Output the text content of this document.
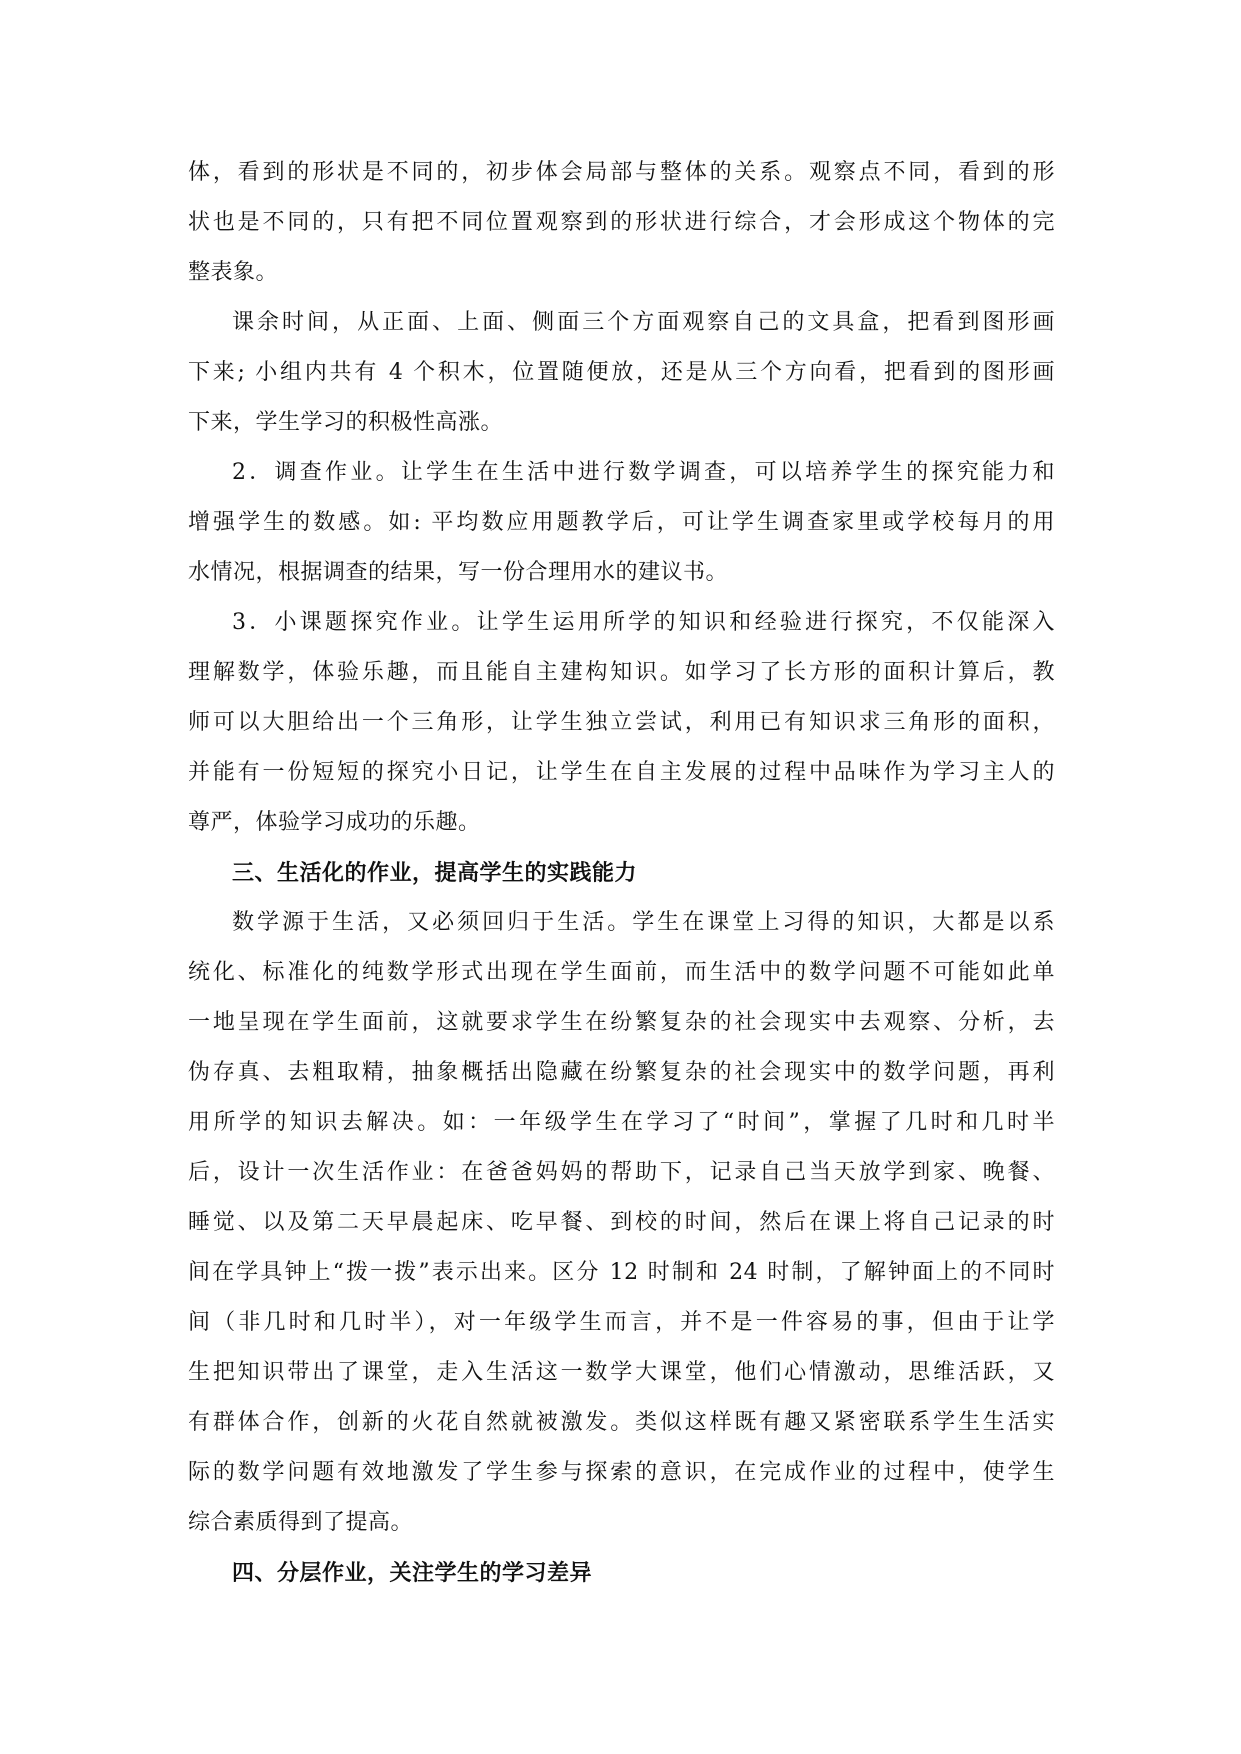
体，看到的形状是不同的，初步体会局部与整体的关系。观察点不同，看到的形
状也是不同的，只有把不同位置观察到的形状进行综合，才会形成这个物体的完
整表象。
课余时间，从正面、上面、侧面三个方面观察自己的文具盒，把看到图形画
下来; 小组内共有 4 个积木，位置随便放，还是从三个方向看，把看到的图形画
下来，学生学习的积极性高涨。
2．调查作业。让学生在生活中进行数学调查，可以培养学生的探究能力和
增强学生的数感。如: 平均数应用题教学后，可让学生调查家里或学校每月的用
水情况，根据调查的结果，写一份合理用水的建议书。
3．小课题探究作业。让学生运用所学的知识和经验进行探究，不仅能深入
理解数学，体验乐趣，而且能自主建构知识。如学习了长方形的面积计算后，教
师可以大胆给出一个三角形，让学生独立尝试，利用已有知识求三角形的面积，
并能有一份短短的探究小日记，让学生在自主发展的过程中品味作为学习主人的
尊严，体验学习成功的乐趣。
三、生活化的作业，提高学生的实践能力
数学源于生活，又必须回归于生活。学生在课堂上习得的知识，大都是以系
统化、标准化的纯数学形式出现在学生面前，而生活中的数学问题不可能如此单
一地呈现在学生面前，这就要求学生在纷繁复杂的社会现实中去观察、分析，去
伪存真、去粗取精，抽象概括出隐藏在纷繁复杂的社会现实中的数学问题，再利
用所学的知识去解决。如：一年级学生在学习了“时间”，掌握了几时和几时半
后，设计一次生活作业：在爸爸妈妈的帮助下，记录自己当天放学到家、晚餐、
睡觉、以及第二天早晨起床、吃早餐、到校的时间，然后在课上将自己记录的时
间在学具钟上“拨一拨”表示出来。区分 12 时制和 24 时制，了解钟面上的不同时
间（非几时和几时半），对一年级学生而言，并不是一件容易的事，但由于让学
生把知识带出了课堂，走入生活这一数学大课堂，他们心情激动，思维活跃，又
有群体合作，创新的火花自然就被激发。类似这样既有趣又紧密联系学生生活实
际的数学问题有效地激发了学生参与探索的意识，在完成作业的过程中，使学生
综合素质得到了提高。
四、分层作业，关注学生的学习差异
